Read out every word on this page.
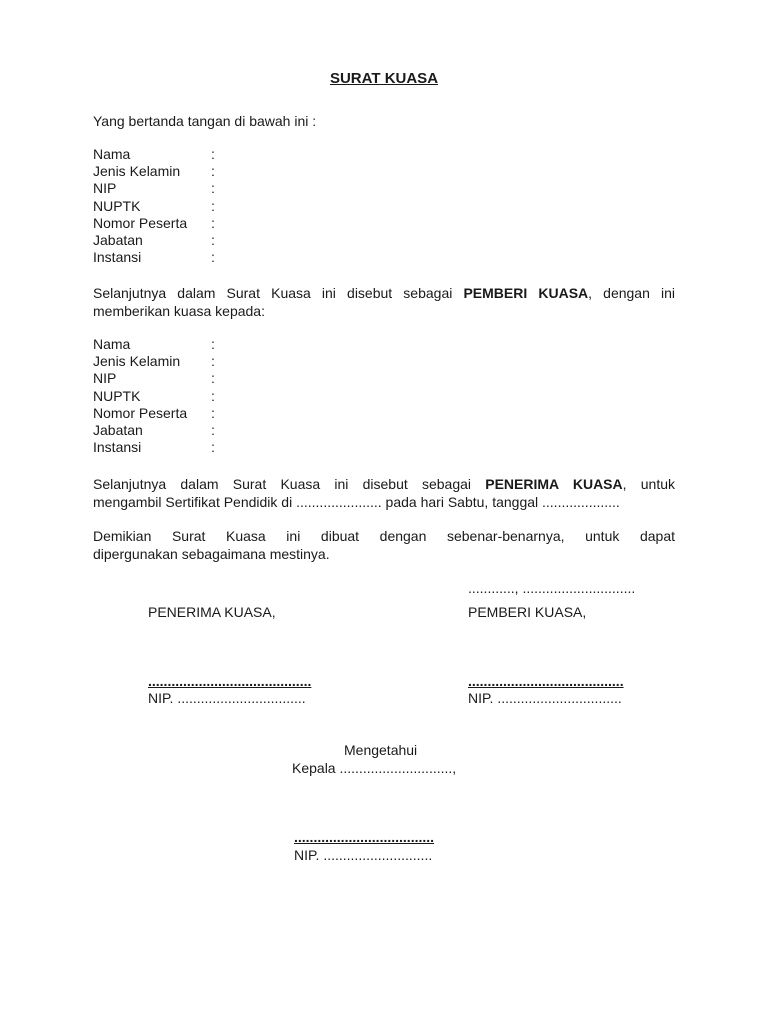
SURAT KUASA
Yang bertanda tangan di bawah ini :
Nama	:
Jenis Kelamin :
NIP	:
NUPTK	:
Nomor Peserta :
Jabatan	:
Instansi	:
Selanjutnya dalam Surat Kuasa ini disebut sebagai PEMBERI KUASA, dengan ini
memberikan kuasa kepada:
Nama	:
Jenis Kelamin :
NIP	:
NUPTK	:
Nomor Peserta :
Jabatan	:
Instansi	:
Selanjutnya dalam Surat Kuasa ini disebut sebagai PENERIMA KUASA, untuk
mengambil Sertifikat Pendidik di ...................... pada hari Sabtu, tanggal ....................
Demikian Surat Kuasa ini dibuat dengan sebenar-benarnya, untuk dapat
dipergunakan sebagaimana mestinya.
............, .............................
PENERIMA KUASA,	PEMBERI KUASA,
..........................................	........................................
NIP. .................................	NIP. ................................
Mengetahui
Kepala .............................,
....................................
NIP. ............................
